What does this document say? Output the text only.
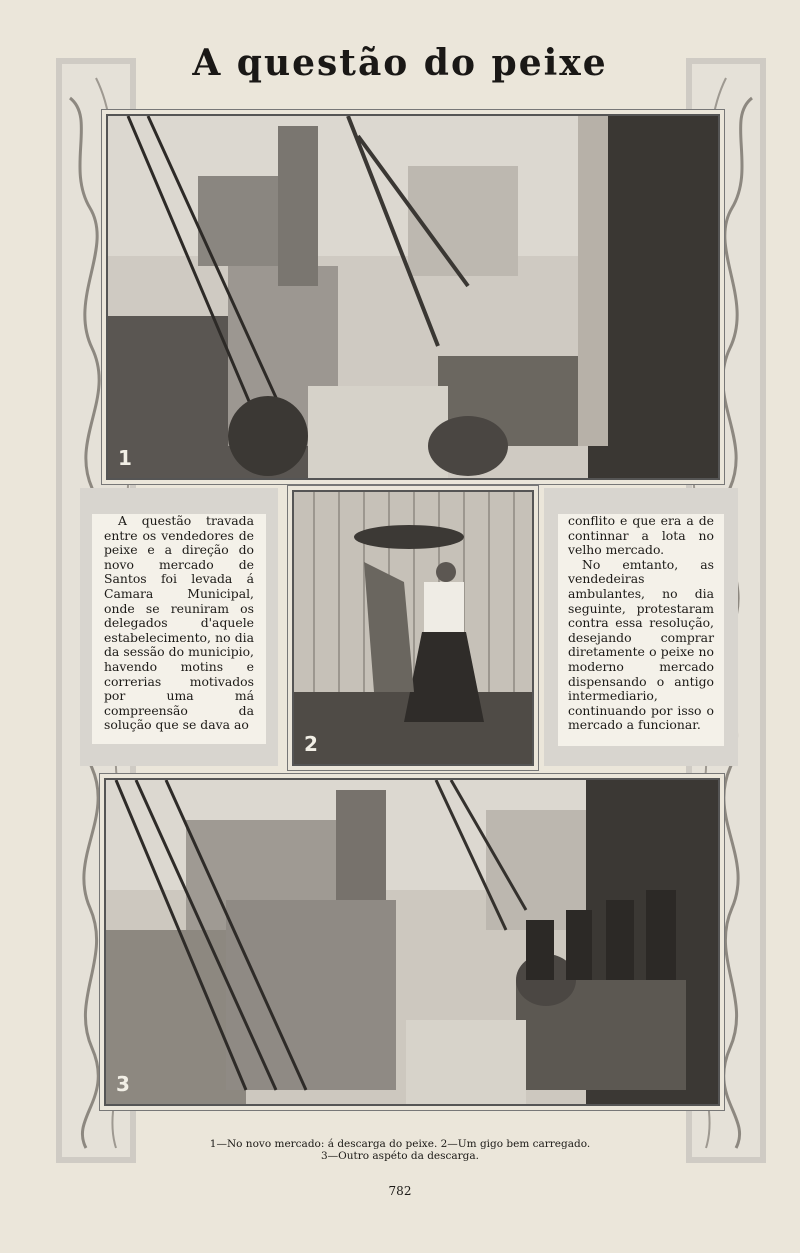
A questão do peixe
1

A questão travada entre os vendedores de peixe e a direção do novo mercado de Santos foi levada á Camara Municipal, onde se reuniram os delegados d'aquele estabelecimento, no dia da sessão do municipio, havendo motins e correrias motivados por uma má compreensão da solução que se dava ao

2

conflito e que era a de continnar a lota no velho mercado.

No emtanto, as vendedeiras ambulantes, no dia seguinte, protestaram contra essa resolução, desejando comprar diretamente o peixe no moderno mercado dispensando o antigo intermediario, continuando por isso o mercado a funcionar.

3
1—No novo mercado: á descarga do peixe. 2—Um gigo bem carregado.
3—Outro aspéto da descarga.
782
